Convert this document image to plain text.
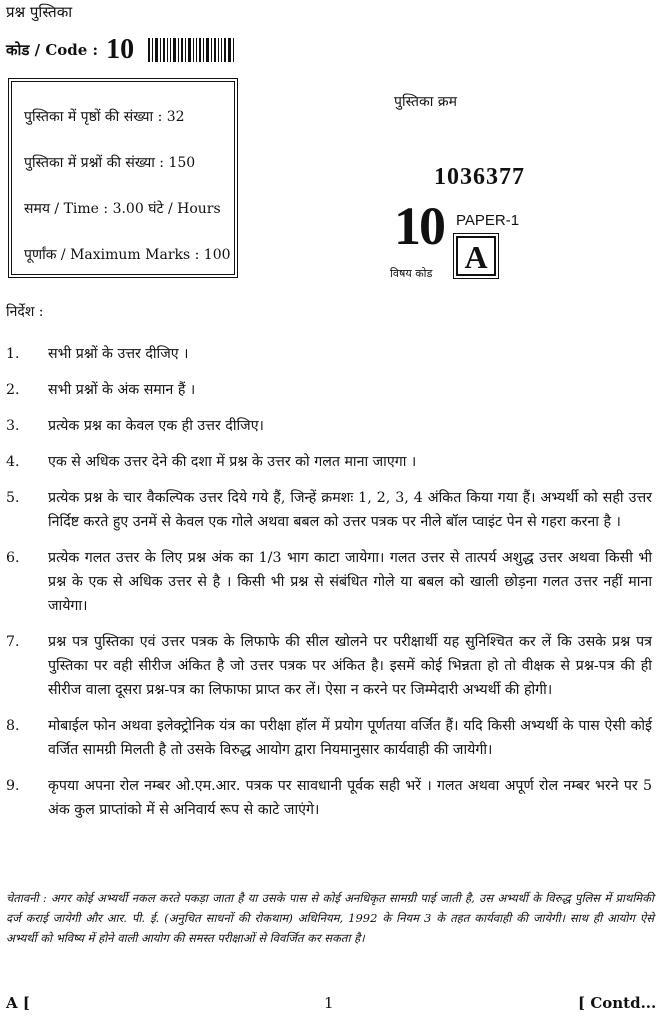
प्रश्न पुस्तिका
कोड / Code : 10
पुस्तिका में पृष्ठों की संख्या : 32
पुस्तिका में प्रश्नों की संख्या : 150
समय / Time : 3.00 घंटे / Hours
पूर्णांक / Maximum Marks : 100
पुस्तिका क्रम
1036377
10
विषय कोड
PAPER-1
A
निर्देश :
1.	सभी प्रश्नों के उत्तर दीजिए ।
2.	सभी प्रश्नों के अंक समान हैं ।
3.	प्रत्येक प्रश्न का केवल एक ही उत्तर दीजिए।
4.	एक से अधिक उत्तर देने की दशा में प्रश्न के उत्तर को गलत माना जाएगा ।
5.	प्रत्येक प्रश्न के चार वैकल्पिक उत्तर दिये गये हैं, जिन्हें क्रमशः 1, 2, 3, 4 अंकित किया गया हैं। अभ्यर्थी को सही उत्तर निर्दिष्ट करते हुए उनमें से केवल एक गोले अथवा बबल को उत्तर पत्रक पर नीले बॉल प्वाइंट पेन से गहरा करना है ।
6.	प्रत्येक गलत उत्तर के लिए प्रश्न अंक का 1/3 भाग काटा जायेगा। गलत उत्तर से तात्पर्य अशुद्ध उत्तर अथवा किसी भी प्रश्न के एक से अधिक उत्तर से है । किसी भी प्रश्न से संबंधित गोले या बबल को खाली छोड़ना गलत उत्तर नहीं माना जायेगा।
7.	प्रश्न पत्र पुस्तिका एवं उत्तर पत्रक के लिफाफे की सील खोलने पर परीक्षार्थी यह सुनिश्चित कर लें कि उसके प्रश्न पत्र पुस्तिका पर वही सीरीज अंकित है जो उत्तर पत्रक पर अंकित है। इसमें कोई भिन्नता हो तो वीक्षक से प्रश्न-पत्र की ही सीरीज वाला दूसरा प्रश्न-पत्र का लिफाफा प्राप्त कर लें। ऐसा न करने पर जिम्मेदारी अभ्यर्थी की होगी।
8.	मोबाईल फोन अथवा इलेक्ट्रोनिक यंत्र का परीक्षा हॉल में प्रयोग पूर्णतया वर्जित हैं। यदि किसी अभ्यर्थी के पास ऐसी कोई वर्जित सामग्री मिलती है तो उसके विरुद्ध आयोग द्वारा नियमानुसार कार्यवाही की जायेगी।
9.	कृपया अपना रोल नम्बर ओ.एम.आर. पत्रक पर सावधानी पूर्वक सही भरें । गलत अथवा अपूर्ण रोल नम्बर भरने पर 5 अंक कुल प्राप्तांको में से अनिवार्य रूप से काटे जाएंगे।
चेतावनी : अगर कोई अभ्यर्थी नकल करते पकड़ा जाता है या उसके पास से कोई अनधिकृत सामग्री पाई जाती है, उस अभ्यर्थी के विरुद्ध पुलिस में प्राथमिकी दर्ज कराई जायेगी और आर. पी. ई. (अनुचित साधनों की रोकथाम) अधिनियम, 1992 के नियम 3 के तहत कार्यवाही की जायेगी। साथ ही आयोग ऐसे अभ्यर्थी को भविष्य में होने वाली आयोग की समस्त परीक्षाओं से विवर्जित कर सकता है।
A [	1	[ Contd...
